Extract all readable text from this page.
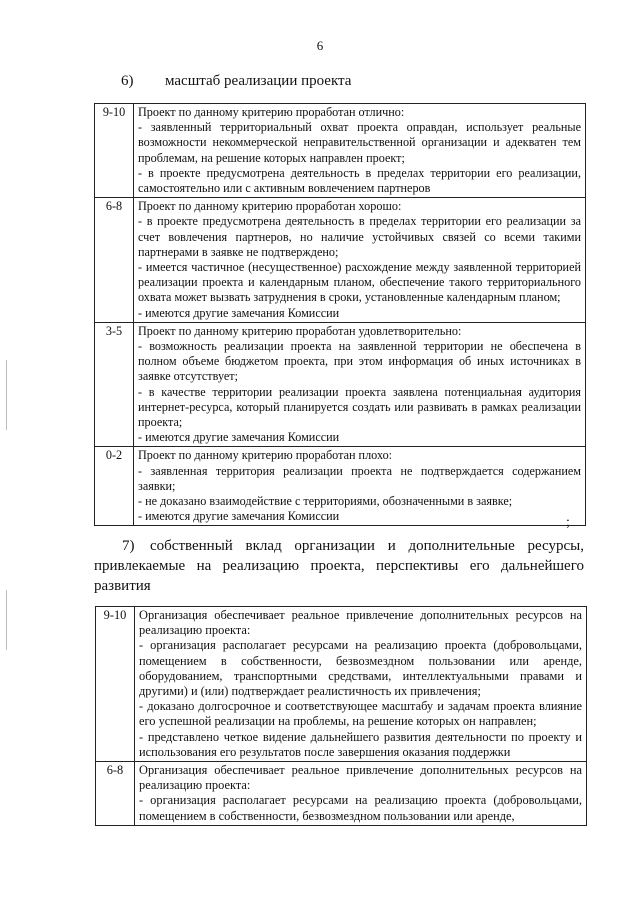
6
6) масштаб реализации проекта
9-10	Проект по данному критерию проработан отлично:
- заявленный территориальный охват проекта оправдан, использует реальные возможности некоммерческой неправительственной организации и адекватен тем проблемам, на решение которых направлен проект;
- в проекте предусмотрена деятельность в пределах территории его реализации, самостоятельно или с активным вовлечением партнеров

6-8	Проект по данному критерию проработан хорошо:
- в проекте предусмотрена деятельность в пределах территории его реализации за счет вовлечения партнеров, но наличие устойчивых связей со всеми такими партнерами в заявке не подтверждено;
- имеется частичное (несущественное) расхождение между заявленной территорией реализации проекта и календарным планом, обеспечение такого территориального охвата может вызвать затруднения в сроки, установленные календарным планом;
- имеются другие замечания Комиссии

3-5	Проект по данному критерию проработан удовлетворительно:
- возможность реализации проекта на заявленной территории не обеспечена в полном объеме бюджетом проекта, при этом информация об иных источниках в заявке отсутствует;
- в качестве территории реализации проекта заявлена потенциальная аудитория интернет-ресурса, который планируется создать или развивать в рамках реализации проекта;
- имеются другие замечания Комиссии

0-2	Проект по данному критерию проработан плохо:
- заявленная территория реализации проекта не подтверждается содержанием заявки;
- не доказано взаимодействие с территориями, обозначенными в заявке;
- имеются другие замечания Комиссии	;
7) собственный вклад организации и дополнительные ресурсы, привлекаемые на реализацию проекта, перспективы его дальнейшего развития
9-10	Организация обеспечивает реальное привлечение дополнительных ресурсов на реализацию проекта:
- организация располагает ресурсами на реализацию проекта (добровольцами, помещением в собственности, безвозмездном пользовании или аренде, оборудованием, транспортными средствами, интеллектуальными правами и другими) и (или) подтверждает реалистичность их привлечения;
- доказано долгосрочное и соответствующее масштабу и задачам проекта влияние его успешной реализации на проблемы, на решение которых он направлен;
- представлено четкое видение дальнейшего развития деятельности по проекту и использования его результатов после завершения оказания поддержки

6-8	Организация обеспечивает реальное привлечение дополнительных ресурсов на реализацию проекта:
- организация располагает ресурсами на реализацию проекта (добровольцами, помещением в собственности, безвозмездном пользовании или аренде,
